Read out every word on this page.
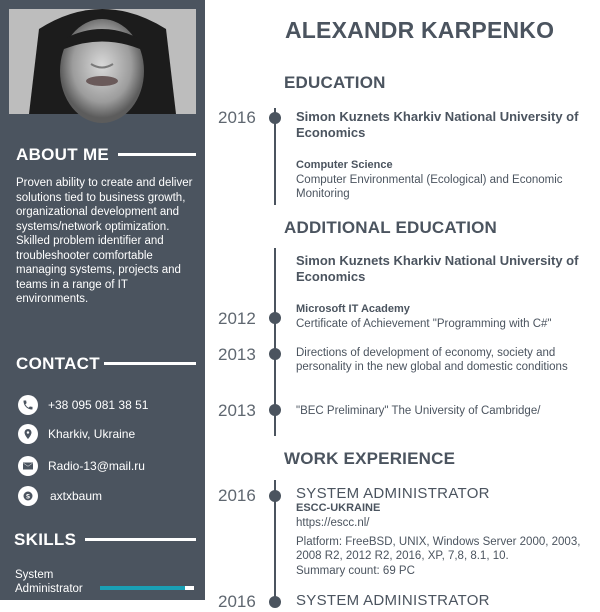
ABOUT ME

Proven ability to create and deliver solutions tied to business growth, organizational development and systems/network optimization.

Skilled problem identifier and troubleshooter comfortable managing systems, projects and teams in a range of IT environments.

CONTACT
+38 095 081 38 51
Kharkiv, Ukraine
Radio-13@mail.ru
S axtxbaum
SKILLS
System Administrator
ALEXANDR KARPENKO
EDUCATION
2016	Simon Kuznets Kharkiv National University of Economics
Computer Science
Computer Environmental (Ecological) and Economic Monitoring
ADDITIONAL EDUCATION
Simon Kuznets Kharkiv National University of Economics
2012	Microsoft IT Academy
Certificate of Achievement "Programming with C#"
2013	Directions of development of economy, society and personality in the new global and domestic conditions
2013	"BEC Preliminary" The University of Cambridge/
WORK EXPERIENCE
2016	SYSTEM ADMINISTRATOR
ESCC-UKRAINE
https://escc.nl/
Platform: FreeBSD, UNIX, Windows Server 2000, 2003, 2008 R2, 2012 R2, 2016, XP, 7,8, 8.1, 10.
Summary count: 69 PC
2016	SYSTEM ADMINISTRATOR
